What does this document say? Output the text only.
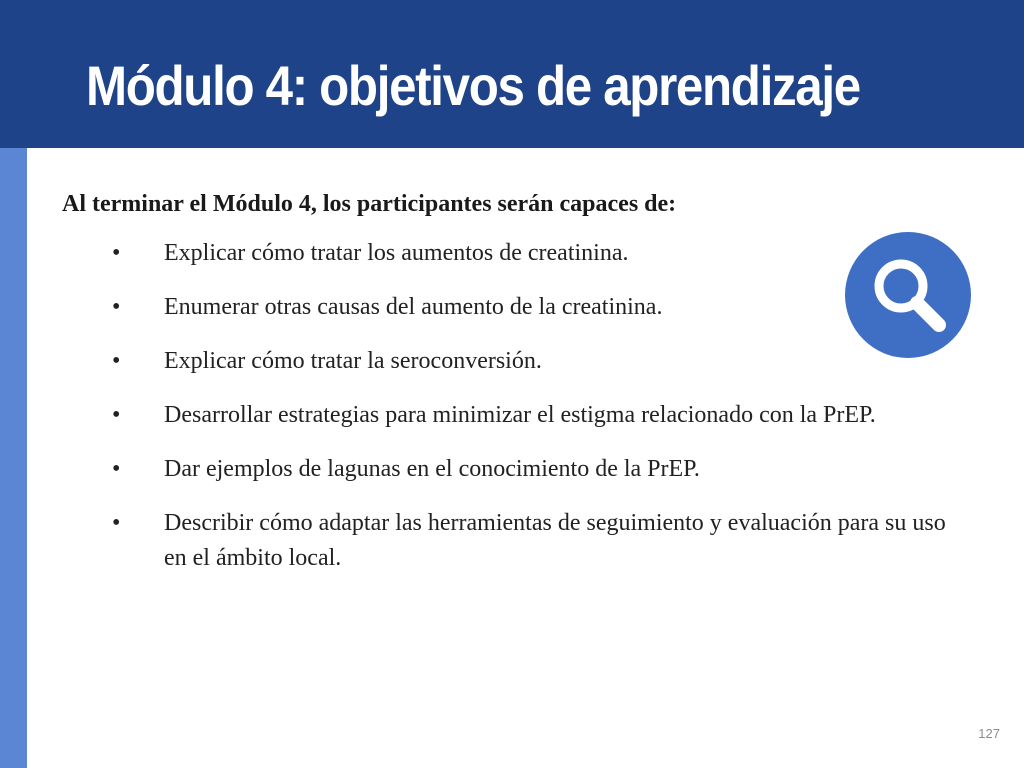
Módulo 4: objetivos de aprendizaje

Al terminar el Módulo 4, los participantes serán capaces de:

• Explicar cómo tratar los aumentos de creatinina.
• Enumerar otras causas del aumento de la creatinina.
• Explicar cómo tratar la seroconversión.
• Desarrollar estrategias para minimizar el estigma relacionado con la PrEP.
• Dar ejemplos de lagunas en el conocimiento de la PrEP.
• Describir cómo adaptar las herramientas de seguimiento y evaluación para su uso en el ámbito local.
127
